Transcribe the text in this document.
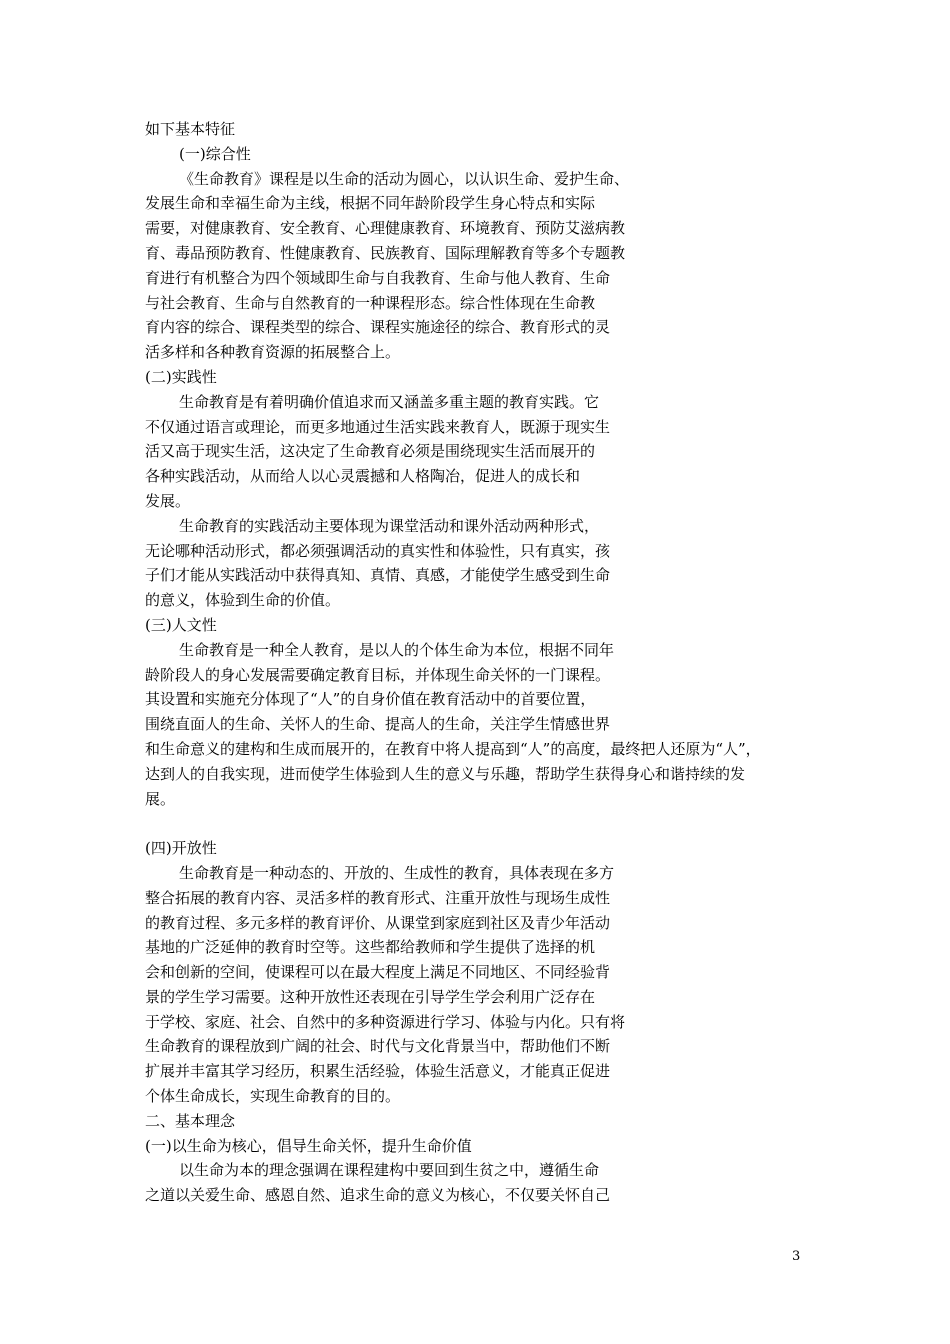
如下基本特征
(一)综合性
《生命教育》课程是以生命的活动为圆心，以认识生命、爱护生命、
发展生命和幸福生命为主线，根据不同年龄阶段学生身心特点和实际
需要，对健康教育、安全教育、心理健康教育、环境教育、预防艾滋病教
育、毒品预防教育、性健康教育、民族教育、国际理解教育等多个专题教
育进行有机整合为四个领域即生命与自我教育、生命与他人教育、生命
与社会教育、生命与自然教育的一种课程形态。综合性体现在生命教
育内容的综合、课程类型的综合、课程实施途径的综合、教育形式的灵
活多样和各种教育资源的拓展整合上。
(二)实践性
生命教育是有着明确价值追求而又涵盖多重主题的教育实践。它
不仅通过语言或理论，而更多地通过生活实践来教育人，既源于现实生
活又高于现实生活，这决定了生命教育必须是围绕现实生活而展开的
各种实践活动，从而给人以心灵震撼和人格陶冶，促进人的成长和
发展。
生命教育的实践活动主要体现为课堂活动和课外活动两种形式，
无论哪种活动形式，都必须强调活动的真实性和体验性，只有真实，孩
子们才能从实践活动中获得真知、真情、真感，才能使学生感受到生命
的意义，体验到生命的价值。
(三)人文性
生命教育是一种全人教育，是以人的个体生命为本位，根据不同年
龄阶段人的身心发展需要确定教育目标，并体现生命关怀的一门课程。
其设置和实施充分体现了“人”的自身价值在教育活动中的首要位置，
围绕直面人的生命、关怀人的生命、提高人的生命，关注学生情感世界
和生命意义的建构和生成而展开的，在教育中将人提高到“人”的高度，最终把人还原为“人”，
达到人的自我实现，进而使学生体验到人生的意义与乐趣，帮助学生获得身心和谐持续的发
展。
(四)开放性
生命教育是一种动态的、开放的、生成性的教育，具体表现在多方
整合拓展的教育内容、灵活多样的教育形式、注重开放性与现场生成性
的教育过程、多元多样的教育评价、从课堂到家庭到社区及青少年活动
基地的广泛延伸的教育时空等。这些都给教师和学生提供了选择的机
会和创新的空间，使课程可以在最大程度上满足不同地区、不同经验背
景的学生学习需要。这种开放性还表现在引导学生学会利用广泛存在
于学校、家庭、社会、自然中的多种资源进行学习、体验与内化。只有将
生命教育的课程放到广阔的社会、时代与文化背景当中，帮助他们不断
扩展并丰富其学习经历，积累生活经验，体验生活意义，才能真正促进
个体生命成长，实现生命教育的目的。
二、基本理念
(一)以生命为核心，倡导生命关怀，提升生命价值
以生命为本的理念强调在课程建构中要回到生贫之中，遵循生命
之道以关爱生命、感恩自然、追求生命的意义为核心，不仅要关怀自己
3
